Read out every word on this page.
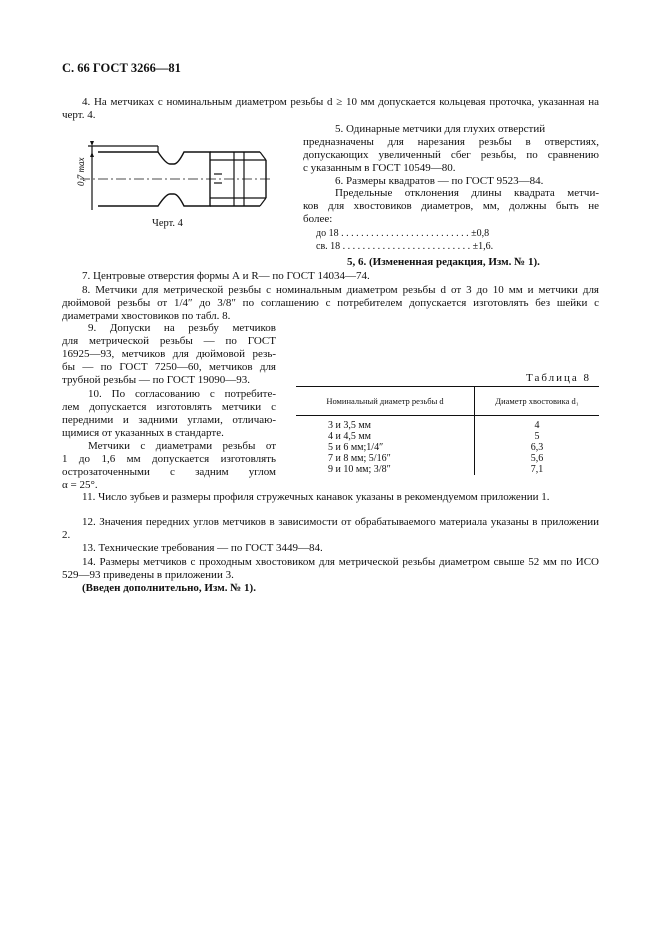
С. 66 ГОСТ 3266—81
4. На метчиках с номинальным диаметром резьбы d ≥ 10 мм допускается кольцевая проточка, указанная на черт. 4.
0,7 max
Черт. 4
5. Одинарные метчики для глухих отверстий
предназначены для нарезания резьбы в отверстиях,
допускающих увеличенный сбег резьбы, по сравнению
с указанным в ГОСТ 10549—80.
6. Размеры квадратов — по ГОСТ 9523—84.
Предельные отклонения длины квадрата метчи-
ков для хвостовиков диаметров, мм, должны быть не
более:
до 18 . . . . . . . . . . . . . . . . . . . . . . . . . . ±0,8
св. 18 . . . . . . . . . . . . . . . . . . . . . . . . . . ±1,6.
5, 6. (Измененная редакция, Изм. № 1).
7. Центровые отверстия формы А и R— по ГОСТ 14034—74.
8. Метчики для метрической резьбы с номинальным диаметром резьбы d от 3 до 10 мм и метчики для дюймовой резьбы от 1/4″ до 3/8″ по соглашению с потребителем допускается изготовлять без шейки с диаметрами хвостовиков по табл. 8.
9. Допуски на резьбу метчиков
для метрической резьбы — по ГОСТ
16925—93, метчиков для дюймовой резь-
бы — по ГОСТ 7250—60, метчиков для
трубной резьбы — по ГОСТ 19090—93.
10. По согласованию с потребите-
лем допускается изготовлять метчики с
передними и задними углами, отличаю-
щимися от указанных в стандарте.
Метчики с диаметрами резьбы от
1 до 1,6 мм допускается изготовлять
острозаточенными с задним углом
α = 25°.
Таблица 8
Номинальный диаметр резьбы d	Диаметр хвостовика d₁
3 и 3,5 мм	4
4 и 4,5 мм	5
5 и 6 мм;1/4″	6,3
7 и 8 мм; 5/16″	5,6
9 и 10 мм; 3/8″	7,1
11. Число зубьев и размеры профиля стружечных канавок указаны в рекомендуемом приложении 1.
12. Значения передних углов метчиков в зависимости от обрабатываемого материала указаны в приложении 2.
13. Технические требования — по ГОСТ 3449—84.
14. Размеры метчиков с проходным хвостовиком для метрической резьбы диаметром свыше 52 мм по ИСО 529—93 приведены в приложении 3.
(Введен дополнительно, Изм. № 1).
